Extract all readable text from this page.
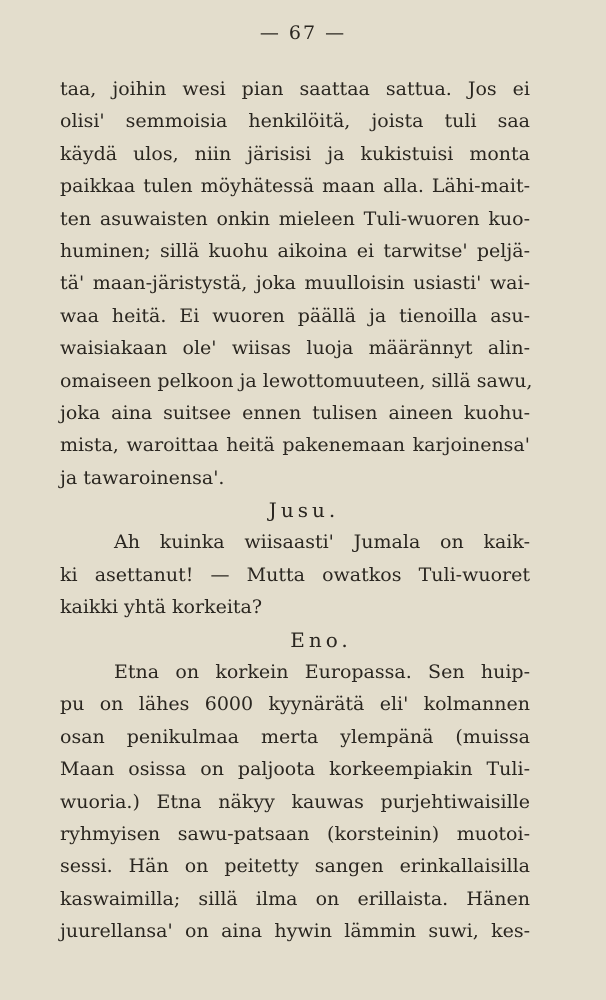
— 67 —
taa, joihin wesi pian saattaa sattua. Jos ei
olisi' semmoisia henkilöitä, joista tuli saa
käydä ulos, niin järisisi ja kukistuisi monta
paikkaa tulen möyhätessä maan alla. Lähi-mait-
ten asuwaisten onkin mieleen Tuli-wuoren kuo-
huminen; sillä kuohu aikoina ei tarwitse' peljä-
tä' maan-järistystä, joka muulloisin usiasti' wai-
waa heitä. Ei wuoren päällä ja tienoilla asu-
waisiakaan ole' wiisas luoja määrännyt alin-
omaiseen pelkoon ja lewottomuuteen, sillä sawu,
joka aina suitsee ennen tulisen aineen kuohu-
mista, waroittaa heitä pakenemaan karjoinensa'
ja tawaroinensa'.
Jusu.
Ah kuinka wiisaasti' Jumala on kaik-
ki asettanut! — Mutta owatkos Tuli-wuoret
kaikki yhtä korkeita?
Eno.
Etna on korkein Europassa. Sen huip-
pu on lähes 6000 kyynärätä eli' kolmannen
osan penikulmaa merta ylempänä (muissa
Maan osissa on paljoota korkeempiakin Tuli-
wuoria.) Etna näkyy kauwas purjehtiwaisille
ryhmyisen sawu-patsaan (korsteinin) muotoi-
sessi. Hän on peitetty sangen erinkallaisilla
kaswaimilla; sillä ilma on erillaista. Hänen
juurellansa' on aina hywin lämmin suwi, kes-
